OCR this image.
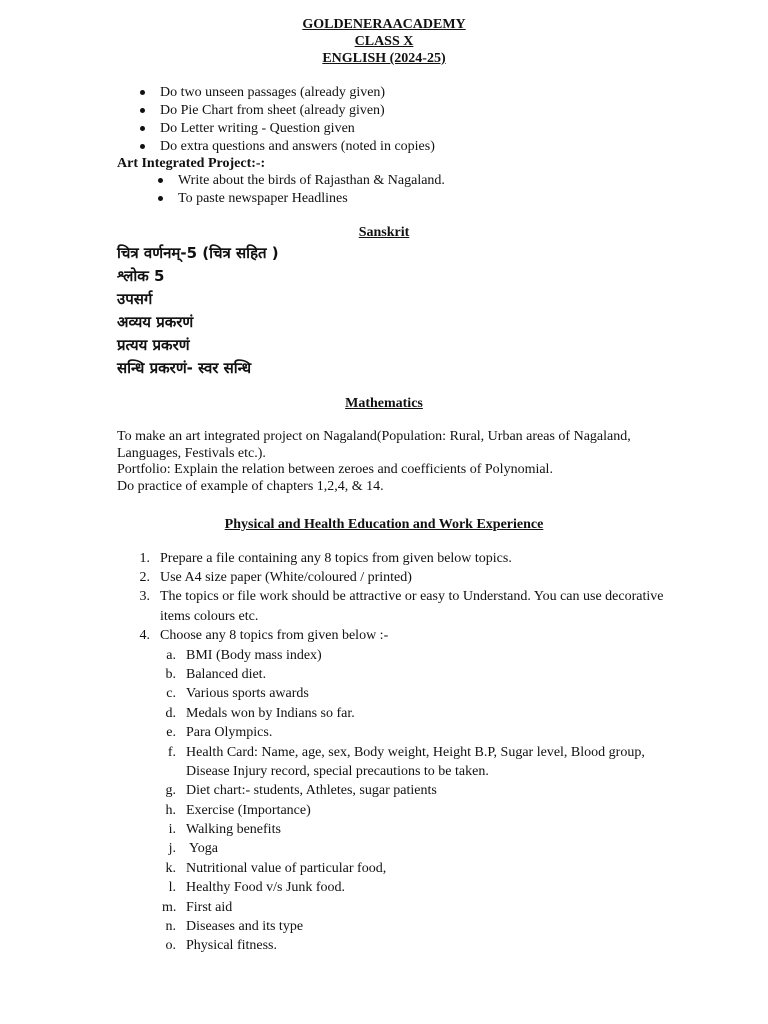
GOLDENERAACADEMY
CLASS X
ENGLISH (2024-25)
Do two unseen passages (already given)
Do Pie Chart from sheet (already given)
Do Letter writing - Question given
Do extra questions and answers (noted in copies)
Art Integrated Project:-:
Write about the birds of Rajasthan & Nagaland.
To paste newspaper Headlines
Sanskrit
चित्र वर्णनम्-5 (चित्र सहित )
श्लोक 5
उपसर्ग
अव्यय प्रकरणं
प्रत्यय प्रकरणं
सन्धि प्रकरणं- स्वर सन्धि
Mathematics
To make an art integrated project on Nagaland(Population: Rural, Urban areas of Nagaland,
Languages, Festivals etc.).
Portfolio: Explain the relation between zeroes and coefficients of Polynomial.
Do practice of example of chapters 1,2,4, & 14.
Physical and Health Education and Work Experience
1. Prepare a file containing any 8 topics from given below topics.
2. Use A4 size paper (White/coloured / printed)
3. The topics or file work should be attractive or easy to Understand. You can use decorative
items colours etc.
4. Choose any 8 topics from given below :-
a. BMI (Body mass index)
b. Balanced diet.
c. Various sports awards
d. Medals won by Indians so far.
e. Para Olympics.
f. Health Card: Name, age, sex, Body weight, Height B.P, Sugar level, Blood group,
Disease Injury record, special precautions to be taken.
g. Diet chart:- students, Athletes, sugar patients
h. Exercise (Importance)
i. Walking benefits
j. Yoga
k. Nutritional value of particular food,
l. Healthy Food v/s Junk food.
m. First aid
n. Diseases and its type
o. Physical fitness.
